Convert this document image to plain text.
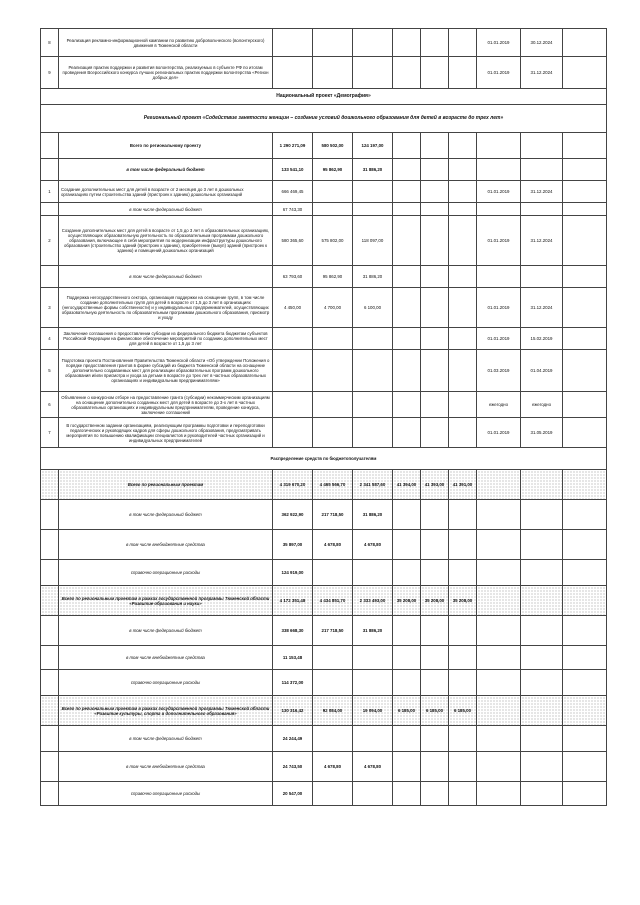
8	Реализация рекламно-информационной кампании по развитию добровольческого (волонтерского) движения в Тюменской области							01.01.2019	30.12.2024	
9	Реализация практик поддержки и развития волонтерства, реализуемых в субъекте РФ по итогам проведения Всероссийского конкурса лучших региональных практик поддержки волонтерства «Регион добрых дел»							01.01.2019	31.12.2024	
Национальный проект «Демография»										
Региональный проект «Содействие занятости женщин – создание условий дошкольного образования для детей в возрасте до трех лет»										
	Всего по региональному проекту	1 290 271,09	580 502,00	124 197,00						
	в том числе федеральный бюджет	133 541,10	95 862,90	31 886,20						
1	Создание дополнительных мест для детей в возрасте от 2 месяцев до 3 лет в дошкольных организациях путем строительства зданий (пристроек к зданию) дошкольных организаций	666 469,45						01.01.2019	31.12.2024	
	в том числе федеральный бюджет	67 743,30								
2	Создание дополнительных мест для детей в возрасте от 1,5 до 3 лет в образовательных организациях, осуществляющих образовательную деятельность по образовательным программам дошкольного образования, включающее в себя мероприятия по модернизации инфраструктуры дошкольного образования (строительство зданий (пристроек к зданию), приобретение (выкуп) зданий (пристроек к зданию) и помещений дошкольных организаций	580 365,60	575 802,00	118 097,00				01.01.2019	31.12.2024	
	в том числе федеральный бюджет	63 793,60	95 862,90	31 886,20						
3	Поддержка негосударственного сектора, организация поддержки на оснащение групп, в том числе создание дополнительных групп для детей в возрасте от 1,5 до 3 лет в организациях (негосударственные формы собственности) и у индивидуальных предпринимателей, осуществляющих образовательную деятельность по образовательным программам дошкольного образования, присмотр и уходу	4 450,00	4 700,00	6 100,00				01.01.2019	31.12.2024	
4	Заключение соглашения о предоставлении субсидии из федерального бюджета бюджетам субъектов Российской Федерации на финансовое обеспечение мероприятий по созданию дополнительных мест для детей в возрасте от 1,5 до 3 лет							01.01.2019	15.02.2019	
5	Подготовка проекта Постановления Правительства Тюменской области «Об утверждении Положения о порядке предоставления грантов в форме субсидий из бюджета Тюменской области на оснащение дополнительно создаваемых мест для реализации образовательных программ дошкольного образования и/или присмотра и ухода за детьми в возрасте до трех лет в частных образовательных организациях и индивидуальным предпринимателям»							01.03.2019	01.04.2019	
6	Объявление о конкурсном отборе на предоставление гранта (субсидии) некоммерческим организациям на оснащение дополнительно созданных мест для детей в возрасте до 3-х лет в частных образовательных организациях и индивидуальным предпринимателям, проведение конкурса, заключение соглашений							ежегодно	ежегодно	
7	В государственном задании организациям, реализующим программы подготовки и переподготовки педагогических и руководящих кадров для сферы дошкольного образования, предусматривать мероприятия по повышению квалификации специалистов и руководителей частных организаций и индивидуальных предпринимателей							01.01.2019	31.05.2019	
Распределение средств по бюджетополучателям										
	Всего по региональным проектам	4 319 670,20	4 465 566,70	2 341 587,60	41 394,00	41 393,00	41 391,00			
	в том числе федеральный бюджет	362 922,90	217 718,50	31 886,20						
	в том числе внебюджетные средства	35 897,00	4 678,80	4 678,80						
	справочно операционные расходы	124 919,00								
	Всего по региональным проектам в рамках государственной программы Тюменской области «Развитие образования и науки»	4 172 351,48	4 434 851,70	2 333 493,00	35 208,00	35 208,00	35 208,00			
	в том числе федеральный бюджет	338 668,30	217 718,50	31 886,20						
	в том числе внебюджетные средства	11 153,48								
	справочно операционные расходы	114 372,00								
	Всего по региональным проектам в рамках государственной программы Тюменской области «Развитие культуры, спорта и дополнительного образования»	130 316,42	92 084,00	19 094,00	6 185,00	6 185,00	6 185,00			
	в том числе федеральный бюджет	24 244,49								
	в том числе внебюджетные средства	24 743,50	4 678,80	4 678,80						
	справочно операционные расходы	20 547,00								
